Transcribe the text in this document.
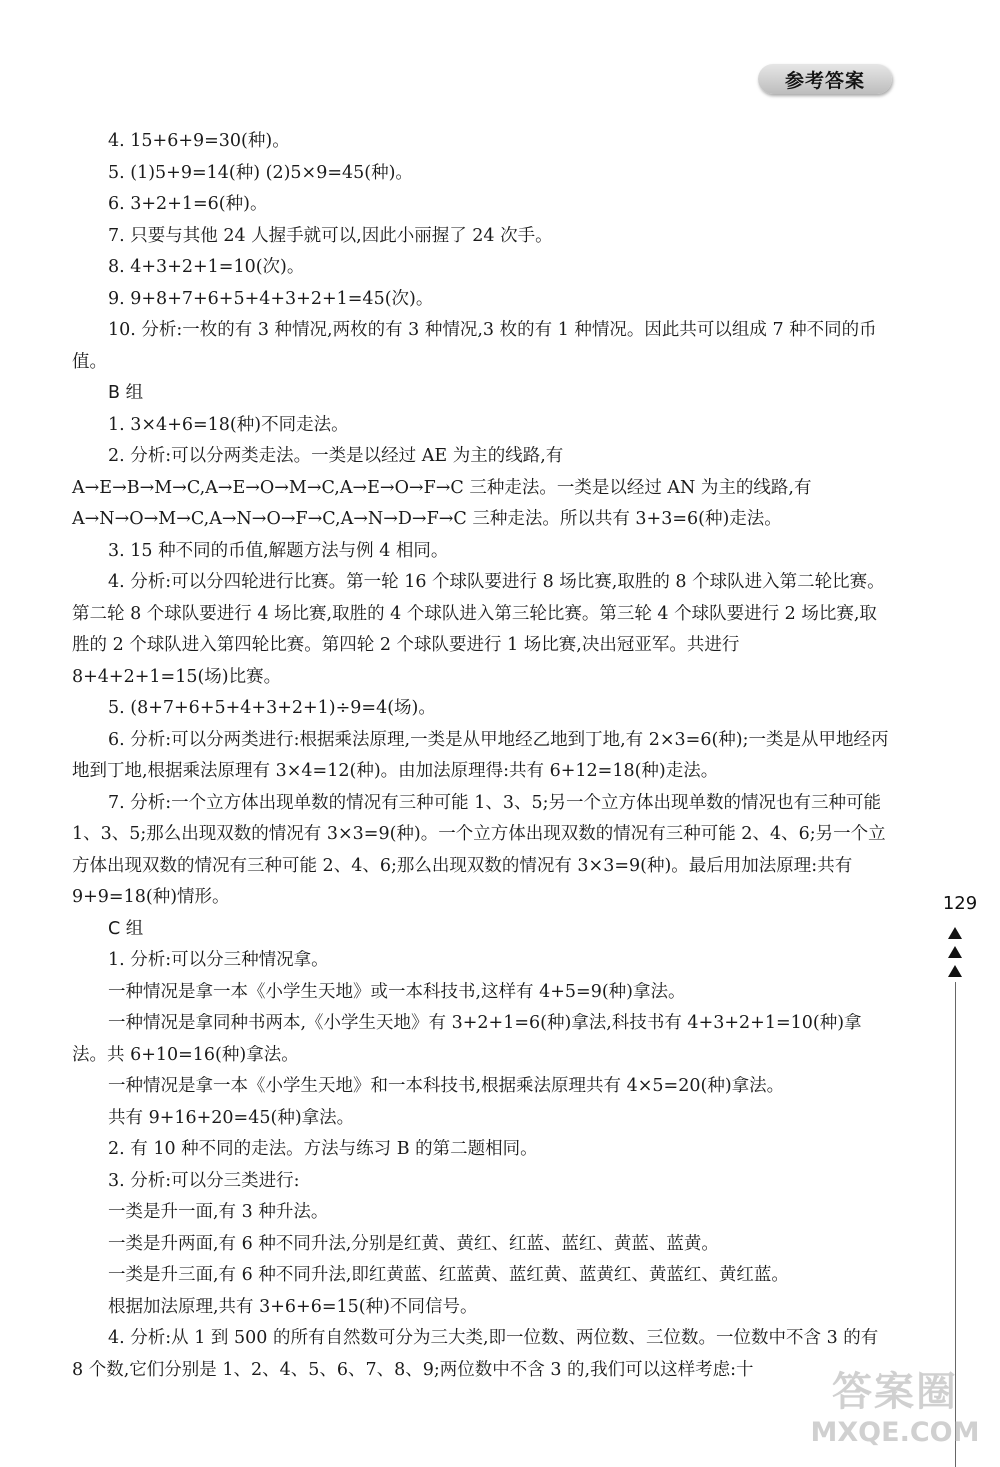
参考答案

4. 15+6+9=30(种)。

5. (1)5+9=14(种) (2)5×9=45(种)。

6. 3+2+1=6(种)。

7. 只要与其他 24 人握手就可以,因此小丽握了 24 次手。

8. 4+3+2+1=10(次)。

9. 9+8+7+6+5+4+3+2+1=45(次)。

10. 分析:一枚的有 3 种情况,两枚的有 3 种情况,3 枚的有 1 种情况。因此共可以组成 7 种不同的币值。

B 组

1. 3×4+6=18(种)不同走法。

2. 分析:可以分两类走法。一类是以经过 AE 为主的线路,有 A→E→B→M→C,A→E→O→M→C,A→E→O→F→C 三种走法。一类是以经过 AN 为主的线路,有 A→N→O→M→C,A→N→O→F→C,A→N→D→F→C 三种走法。所以共有 3+3=6(种)走法。

3. 15 种不同的币值,解题方法与例 4 相同。

4. 分析:可以分四轮进行比赛。第一轮 16 个球队要进行 8 场比赛,取胜的 8 个球队进入第二轮比赛。第二轮 8 个球队要进行 4 场比赛,取胜的 4 个球队进入第三轮比赛。第三轮 4 个球队要进行 2 场比赛,取胜的 2 个球队进入第四轮比赛。第四轮 2 个球队要进行 1 场比赛,决出冠亚军。共进行 8+4+2+1=15(场)比赛。

5. (8+7+6+5+4+3+2+1)÷9=4(场)。

6. 分析:可以分两类进行:根据乘法原理,一类是从甲地经乙地到丁地,有 2×3=6(种);一类是从甲地经丙地到丁地,根据乘法原理有 3×4=12(种)。由加法原理得:共有 6+12=18(种)走法。

7. 分析:一个立方体出现单数的情况有三种可能 1、3、5;另一个立方体出现单数的情况也有三种可能 1、3、5;那么出现双数的情况有 3×3=9(种)。一个立方体出现双数的情况有三种可能 2、4、6;另一个立方体出现双数的情况有三种可能 2、4、6;那么出现双数的情况有 3×3=9(种)。最后用加法原理:共有 9+9=18(种)情形。

C 组

1. 分析:可以分三种情况拿。

一种情况是拿一本《小学生天地》或一本科技书,这样有 4+5=9(种)拿法。

一种情况是拿同种书两本,《小学生天地》有 3+2+1=6(种)拿法,科技书有 4+3+2+1=10(种)拿法。共 6+10=16(种)拿法。

一种情况是拿一本《小学生天地》和一本科技书,根据乘法原理共有 4×5=20(种)拿法。

共有 9+16+20=45(种)拿法。

2. 有 10 种不同的走法。方法与练习 B 的第二题相同。

3. 分析:可以分三类进行:

一类是升一面,有 3 种升法。

一类是升两面,有 6 种不同升法,分别是红黄、黄红、红蓝、蓝红、黄蓝、蓝黄。

一类是升三面,有 6 种不同升法,即红黄蓝、红蓝黄、蓝红黄、蓝黄红、黄蓝红、黄红蓝。

根据加法原理,共有 3+6+6=15(种)不同信号。

4. 分析:从 1 到 500 的所有自然数可分为三大类,即一位数、两位数、三位数。一位数中不含 3 的有 8 个数,它们分别是 1、2、4、5、6、7、8、9;两位数中不含 3 的,我们可以这样考虑:十

129
答案圈
MXQE.COM
